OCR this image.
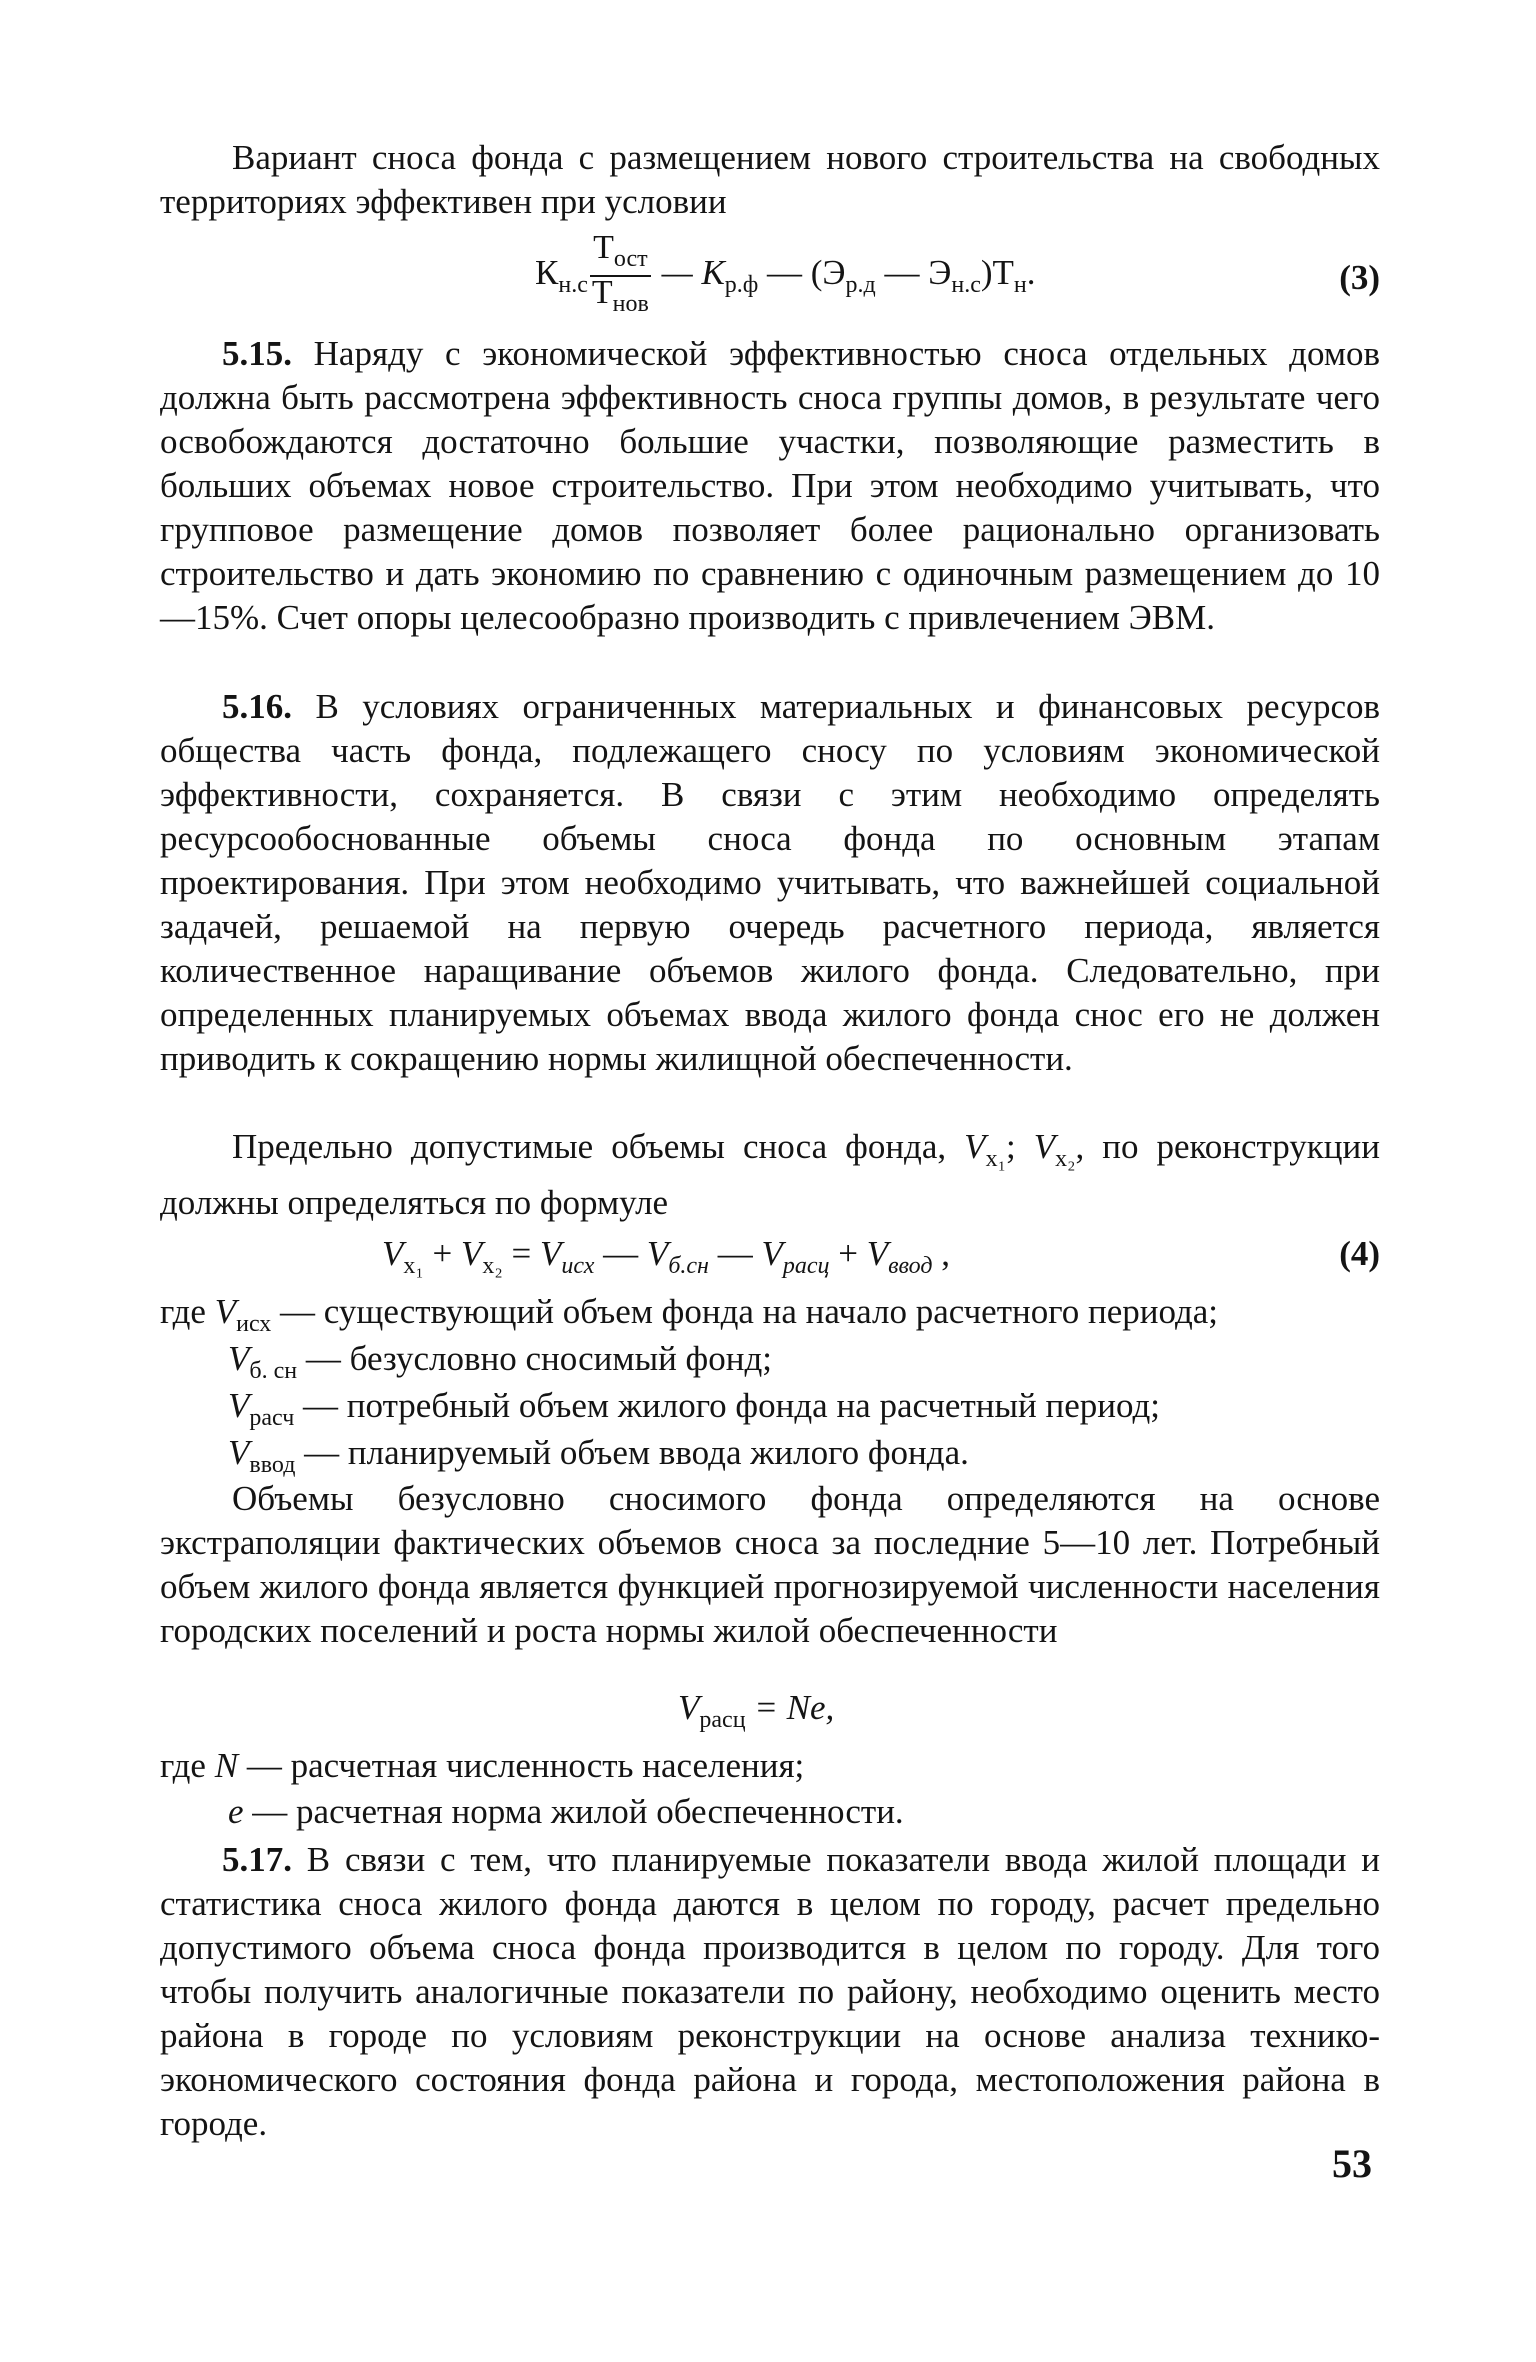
Вариант сноса фонда с размещением нового строительства на свободных территориях эффективен при условии
$К_{н.с} \frac{Т_{ост}}{Т_{нов}}$ — $К_{р.ф}$ — ($Э_{р.д}$ — $Э_{н.с})Т_н$.	(3)
5.15. Наряду с экономической эффективностью сноса отдельных домов должна быть рассмотрена эффективность сноса группы домов, в результате чего освобождаются достаточно большие участки, позволяющие разместить в больших объемах новое строительство. При этом необходимо учитывать, что групповое размещение домов позволяет более рационально организовать строительство и дать экономию по сравнению с одиночным размещением до 10—15%. Счет опоры целесообразно производить с привлечением ЭВМ.
5.16. В условиях ограниченных материальных и финансовых ресурсов общества часть фонда, подлежащего сносу по условиям экономической эффективности, сохраняется. В связи с этим необходимо определять ресурсообоснованные объемы сноса фонда по основным этапам проектирования. При этом необходимо учитывать, что важнейшей социальной задачей, решаемой на первую очередь расчетного периода, является количественное наращивание объемов жилого фонда. Следовательно, при определенных планируемых объемах ввода жилого фонда снос его не должен приводить к сокращению нормы жилищной обеспеченности.
Предельно допустимые объемы сноса фонда, $V_{x_1}$; $V_{x_2}$, по реконструкции должны определяться по формуле
$V_{x_1} + V_{x_2} = V_{исх}$ — $V_{б.сн}$ — $V_{расц} + V_{ввод}$ ,	(4)
где $V_{исх}$ — существующий объем фонда на начало расчетного периода;
$V_{б. сн}$ — безусловно сносимый фонд;
$V_{расч}$ — потребный объем жилого фонда на расчетный период;
$V_{ввод}$ — планируемый объем ввода жилого фонда.
Объемы безусловно сносимого фонда определяются на основе экстраполяции фактических объемов сноса за последние 5—10 лет. Потребный объем жилого фонда является функцией прогнозируемой численности населения городских поселений и роста нормы жилой обеспеченности
$V_{расц} = Ne$,
где N — расчетная численность населения;
e — расчетная норма жилой обеспеченности.
5.17. В связи с тем, что планируемые показатели ввода жилой площади и статистика сноса жилого фонда даются в целом по городу, расчет предельно допустимого объема сноса фонда производится в целом по городу. Для того чтобы получить аналогичные показатели по району, необходимо оценить место района в городе по условиям реконструкции на основе анализа технико-экономического состояния фонда района и города, местоположения района в городе.
53
